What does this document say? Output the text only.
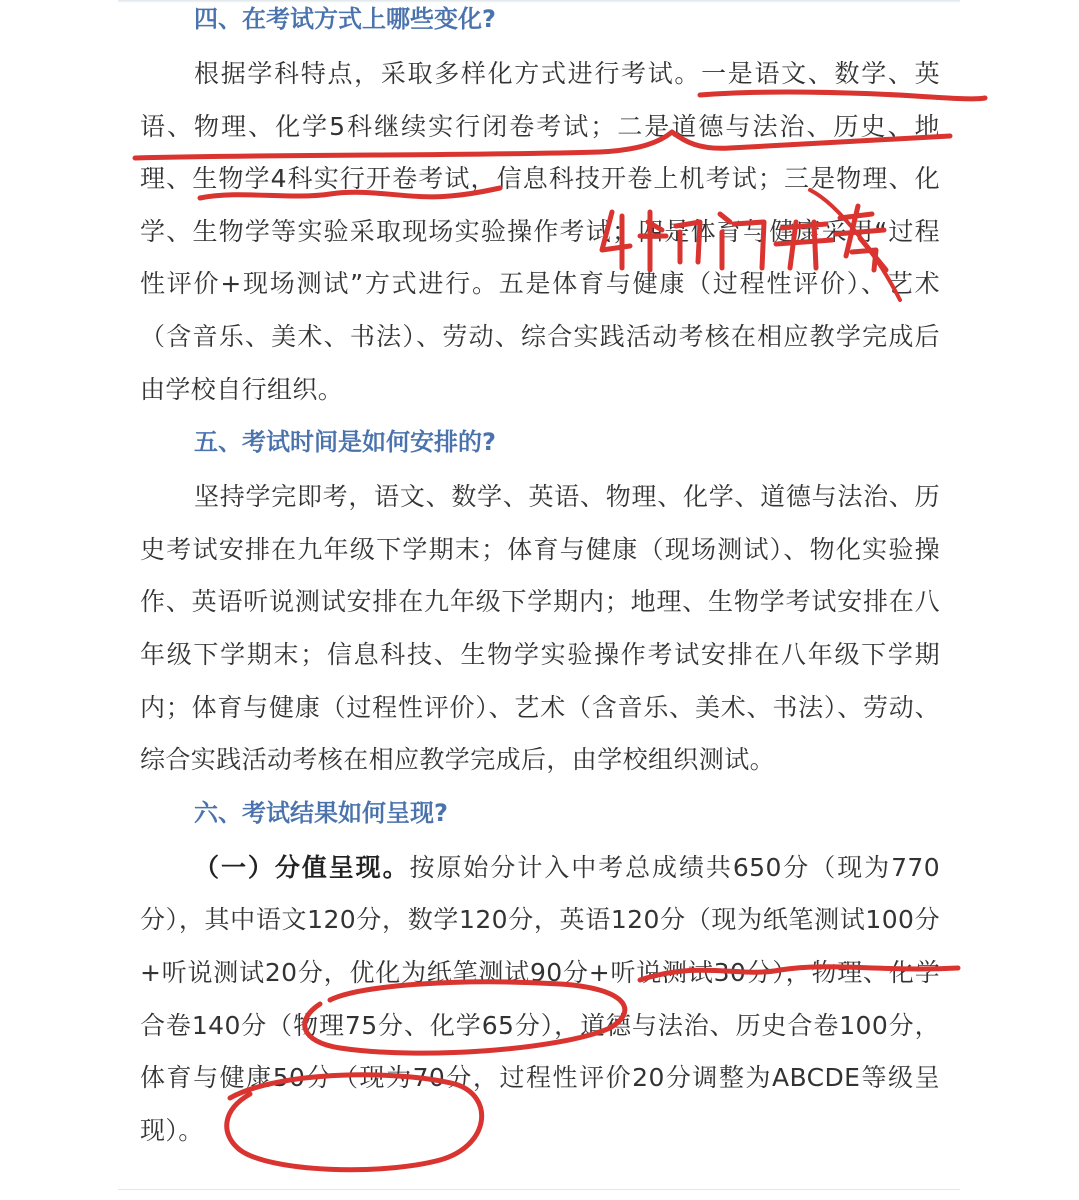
四、在考试方式上哪些变化?

根据学科特点，采取多样化方式进行考试。一是语文、数学、英语、物理、化学5科继续实行闭卷考试；二是道德与法治、历史、地理、生物学4科实行开卷考试，信息科技开卷上机考试；三是物理、化学、生物学等实验采取现场实验操作考试；四是体育与健康采用“过程性评价+现场测试”方式进行。五是体育与健康（过程性评价）、艺术（含音乐、美术、书法）、劳动、综合实践活动考核在相应教学完成后由学校自行组织。

五、考试时间是如何安排的?

坚持学完即考，语文、数学、英语、物理、化学、道德与法治、历史考试安排在九年级下学期末；体育与健康（现场测试）、物化实验操作、英语听说测试安排在九年级下学期内；地理、生物学考试安排在八年级下学期末；信息科技、生物学实验操作考试安排在八年级下学期内；体育与健康（过程性评价）、艺术（含音乐、美术、书法）、劳动、综合实践活动考核在相应教学完成后，由学校组织测试。

六、考试结果如何呈现?

（一）分值呈现。按原始分计入中考总成绩共650分（现为770分），其中语文120分，数学120分，英语120分（现为纸笔测试100分+听说测试20分，优化为纸笔测试90分+听说测试30分），物理、化学合卷140分（物理75分、化学65分），道德与法治、历史合卷100分，体育与健康50分（现为70分，过程性评价20分调整为ABCDE等级呈现）。
